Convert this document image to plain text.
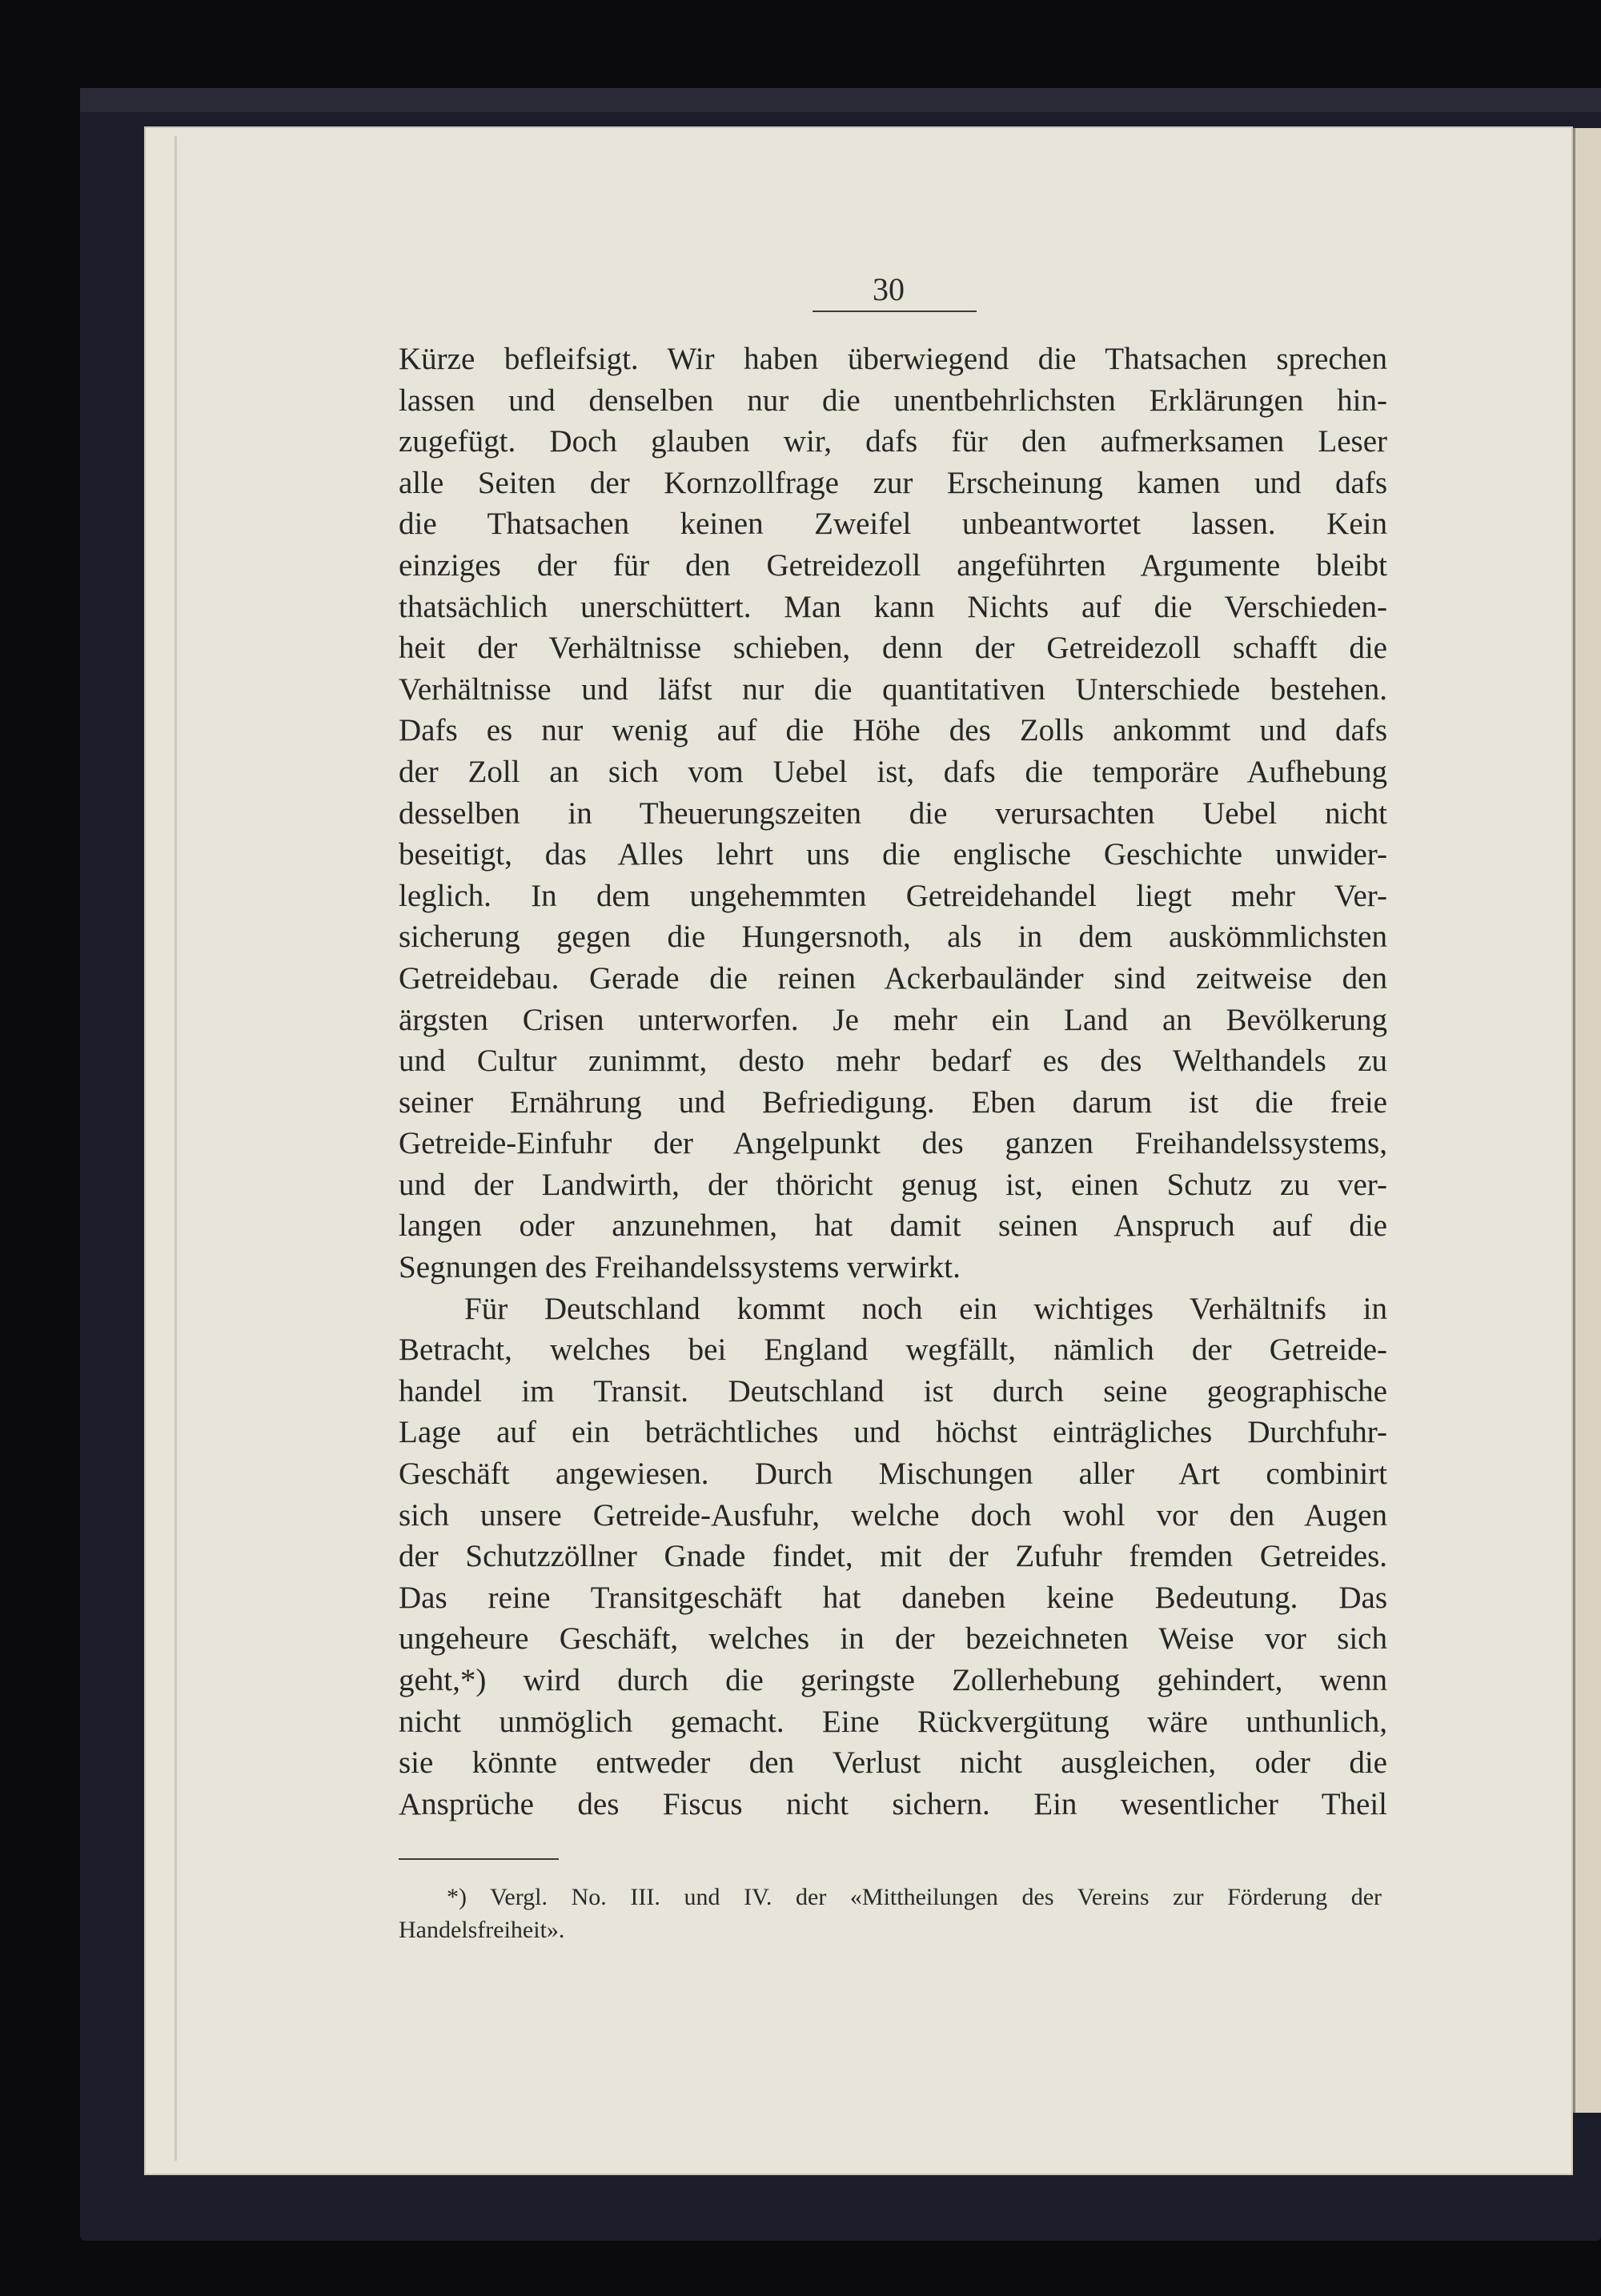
30
Kürze befleifsigt. Wir haben überwiegend die Thatsachen sprechen
lassen und denselben nur die unentbehrlichsten Erklärungen hin-
zugefügt. Doch glauben wir, dafs für den aufmerksamen Leser
alle Seiten der Kornzollfrage zur Erscheinung kamen und dafs
die Thatsachen keinen Zweifel unbeantwortet lassen. Kein
einziges der für den Getreidezoll angeführten Argumente bleibt
thatsächlich unerschüttert. Man kann Nichts auf die Verschieden-
heit der Verhältnisse schieben, denn der Getreidezoll schafft die
Verhältnisse und läfst nur die quantitativen Unterschiede bestehen.
Dafs es nur wenig auf die Höhe des Zolls ankommt und dafs
der Zoll an sich vom Uebel ist, dafs die temporäre Aufhebung
desselben in Theuerungszeiten die verursachten Uebel nicht
beseitigt, das Alles lehrt uns die englische Geschichte unwider-
leglich. In dem ungehemmten Getreidehandel liegt mehr Ver-
sicherung gegen die Hungersnoth, als in dem auskömmlichsten
Getreidebau. Gerade die reinen Ackerbauländer sind zeitweise den
ärgsten Crisen unterworfen. Je mehr ein Land an Bevölkerung
und Cultur zunimmt, desto mehr bedarf es des Welthandels zu
seiner Ernährung und Befriedigung. Eben darum ist die freie
Getreide-Einfuhr der Angelpunkt des ganzen Freihandelssystems,
und der Landwirth, der thöricht genug ist, einen Schutz zu ver-
langen oder anzunehmen, hat damit seinen Anspruch auf die
Segnungen des Freihandelssystems verwirkt.
Für Deutschland kommt noch ein wichtiges Verhältnifs in
Betracht, welches bei England wegfällt, nämlich der Getreide-
handel im Transit. Deutschland ist durch seine geographische
Lage auf ein beträchtliches und höchst einträgliches Durchfuhr-
Geschäft angewiesen. Durch Mischungen aller Art combinirt
sich unsere Getreide-Ausfuhr, welche doch wohl vor den Augen
der Schutzzöllner Gnade findet, mit der Zufuhr fremden Getreides.
Das reine Transitgeschäft hat daneben keine Bedeutung. Das
ungeheure Geschäft, welches in der bezeichneten Weise vor sich
geht,*) wird durch die geringste Zollerhebung gehindert, wenn
nicht unmöglich gemacht. Eine Rückvergütung wäre unthunlich,
sie könnte entweder den Verlust nicht ausgleichen, oder die
Ansprüche des Fiscus nicht sichern. Ein wesentlicher Theil
*) Vergl. No. III. und IV. der «Mittheilungen des Vereins zur Förderung der
Handelsfreiheit».
